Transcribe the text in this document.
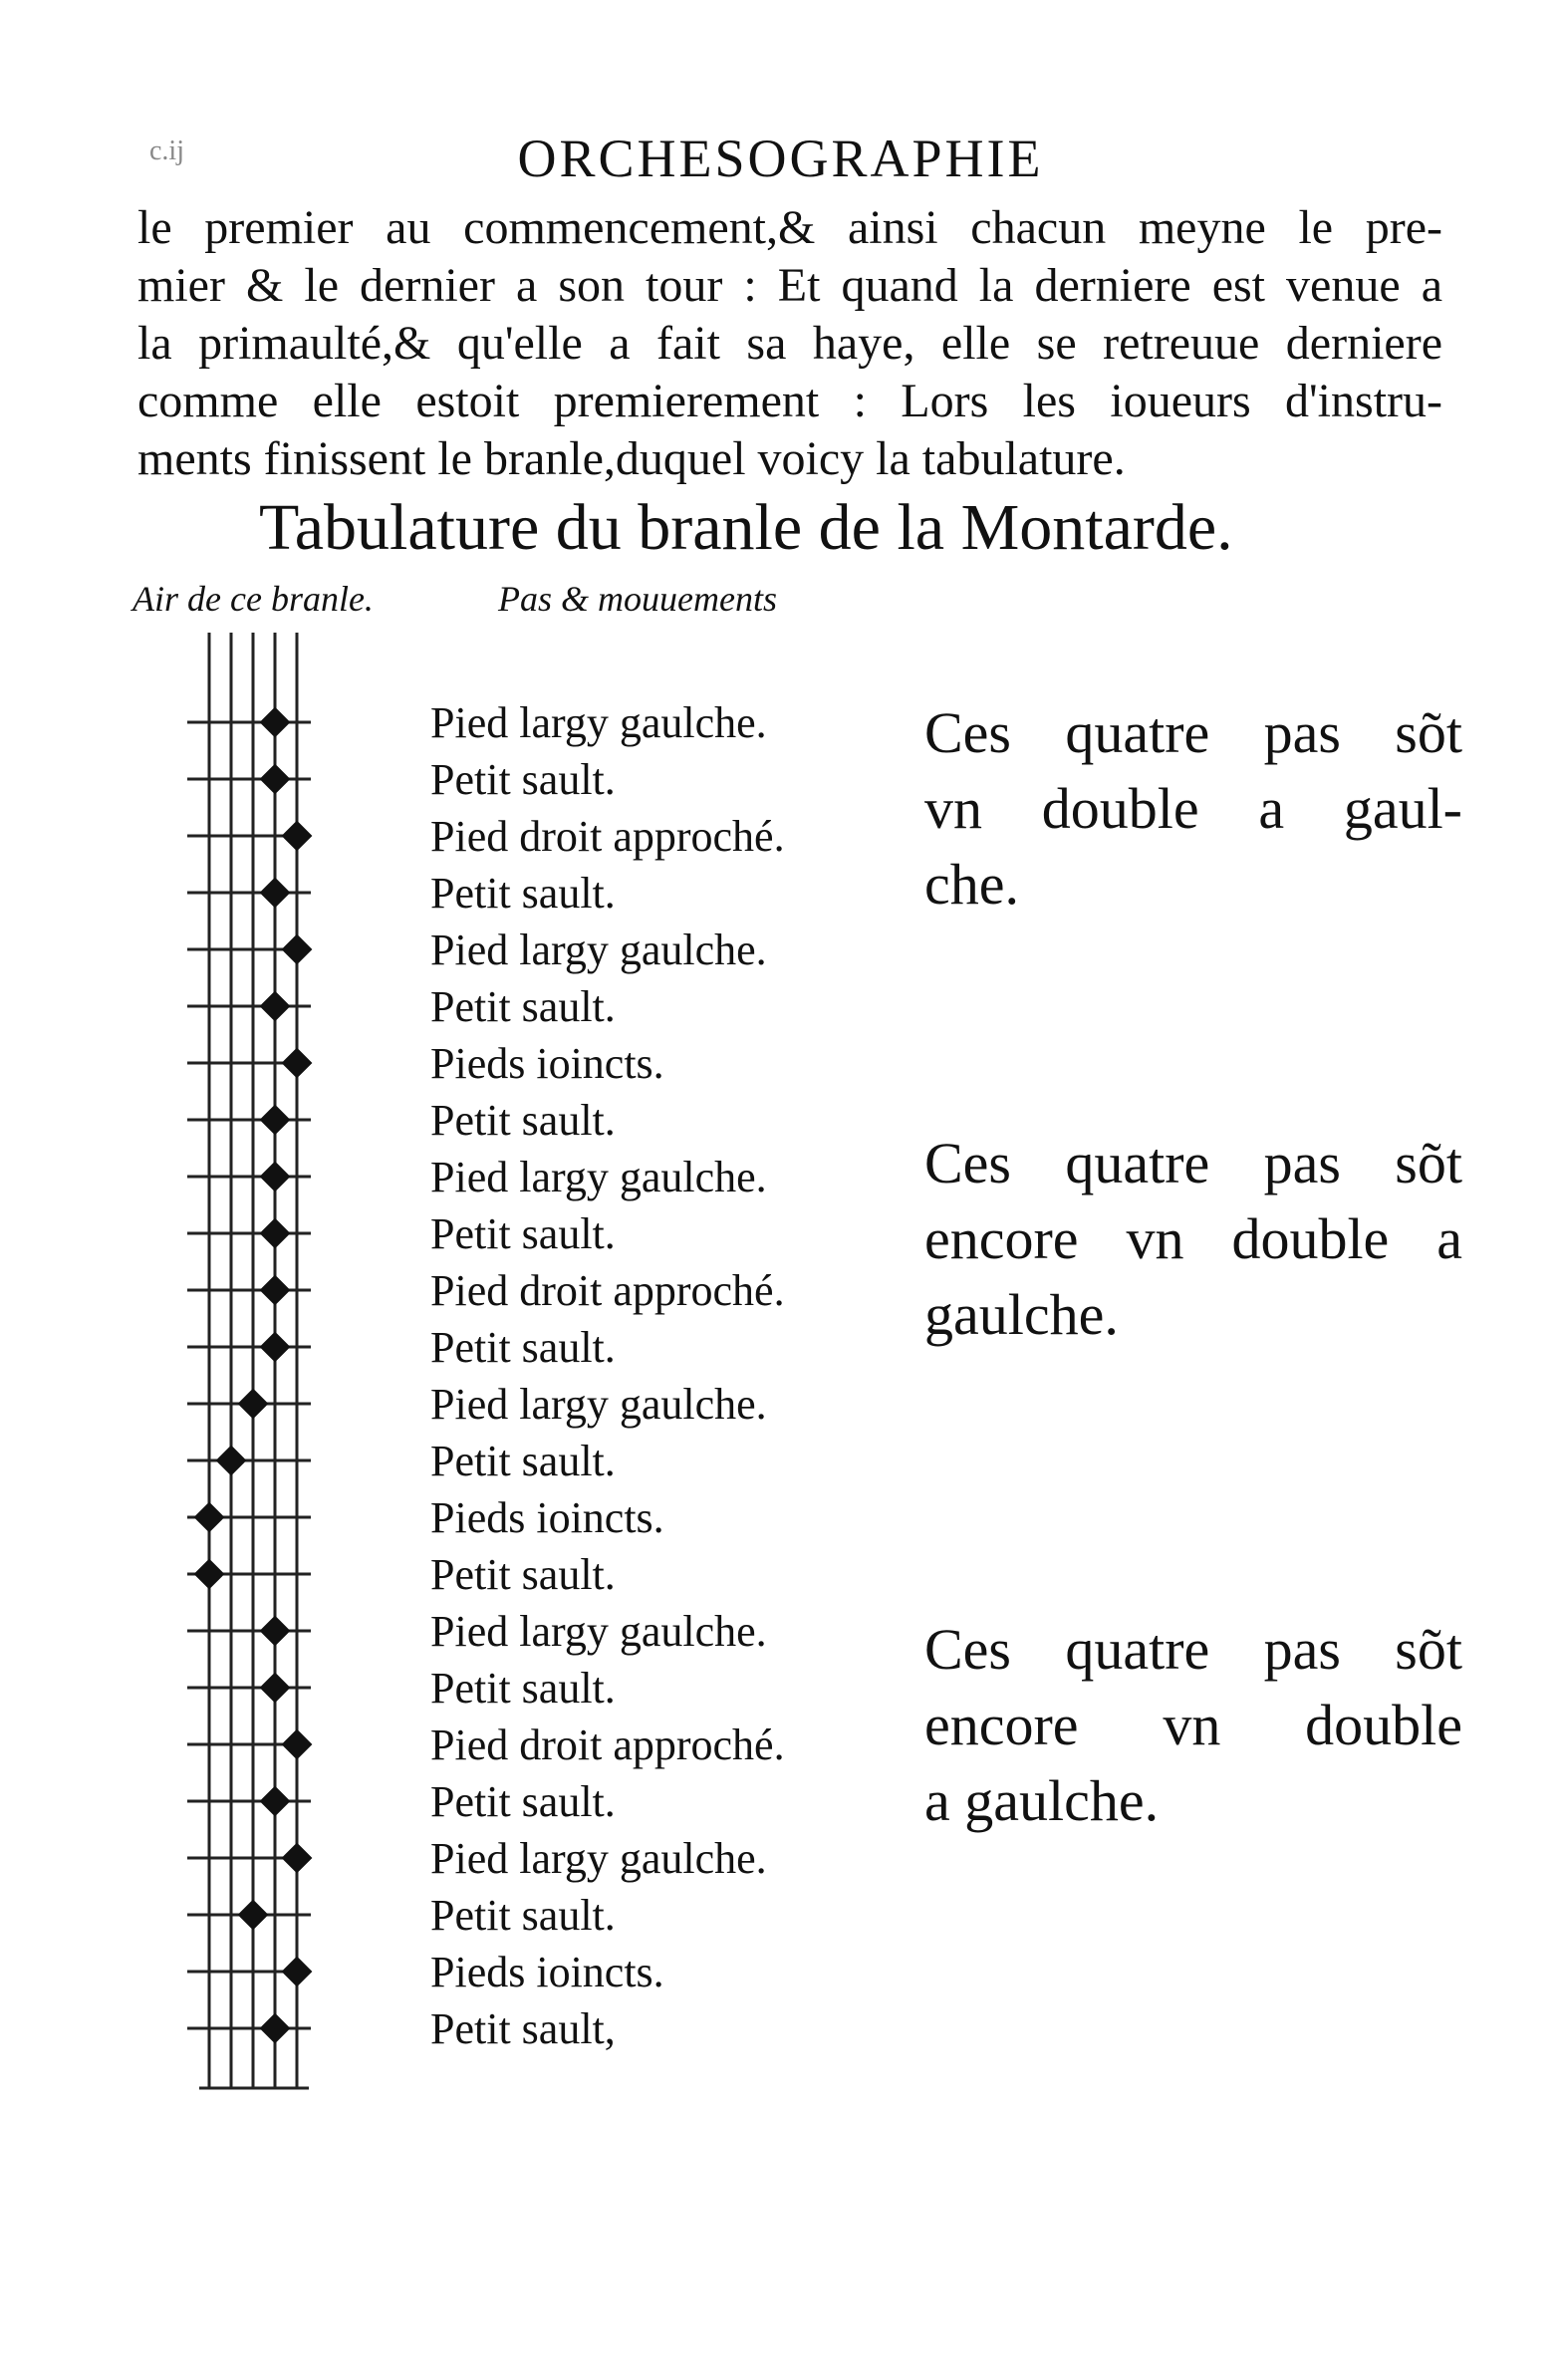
c.ij	ORCHESOGRAPHIE
le premier au commencement,& ainsi chacun meyne le pre-
mier & le dernier a son tour : Et quand la derniere est venue a
la primaulté,& qu'elle a fait sa haye, elle se retreuue derniere
comme elle estoit premierement : Lors les ioueurs d'instru-
ments finissent le branle,duquel voicy la tabulature.
Tabulature du branle de la Montarde.
Air de ce branle.	Pas & mouuements
Pied largy gaulche.
Petit sault.
Pied droit approché.
Petit sault.
Pied largy gaulche.
Petit sault.
Pieds ioincts.
Petit sault.
Pied largy gaulche.
Petit sault.
Pied droit approché.
Petit sault.
Pied largy gaulche.
Petit sault.
Pieds ioincts.
Petit sault.
Pied largy gaulche.
Petit sault.
Pied droit approché.
Petit sault.
Pied largy gaulche.
Petit sault.
Pieds ioincts.
Petit sault,
Ces quatre pas sõt
vn double a gaul-
che.
Ces quatre pas sõt
encore vn double a
gaulche.
Ces quatre pas sõt
encore vn double
a gaulche.
